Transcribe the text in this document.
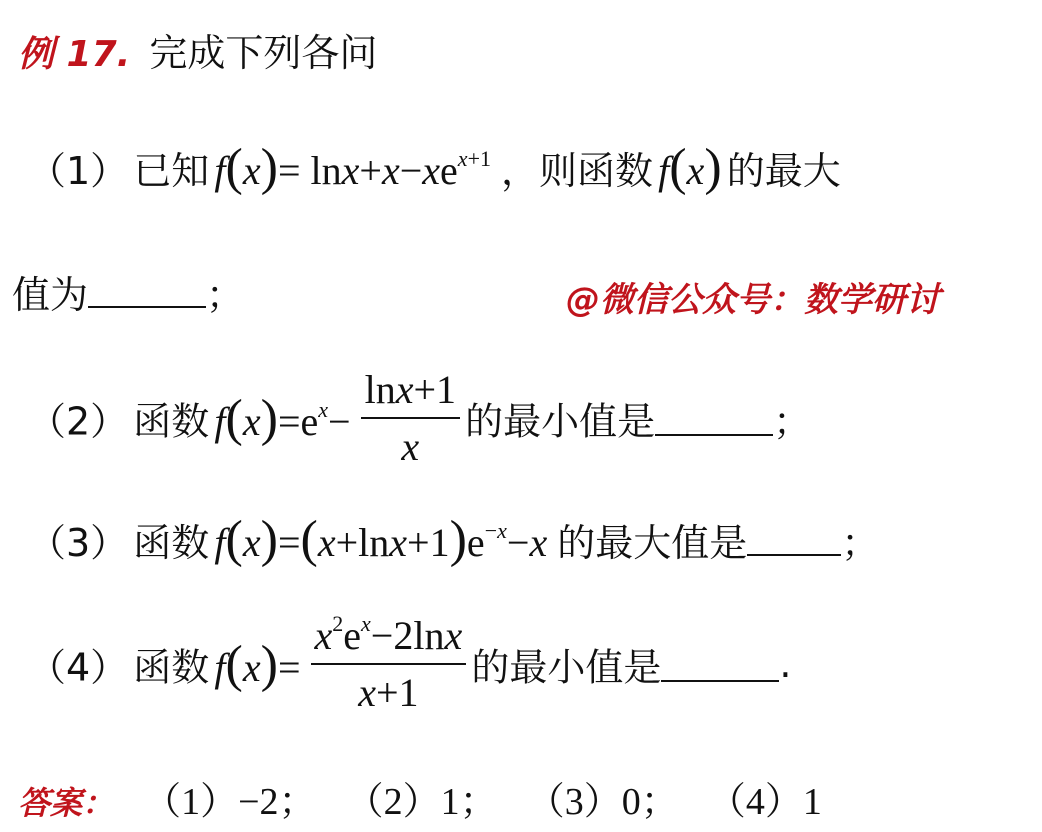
例 17. 完成下列各问
（1） 已知 $f(x)= \ln x+x-xe^{x+1}$ ，则函数 f(x) 的最大
值为	；	@微信公众号：数学研讨
（2） 函数 $f(x)=e^x- \frac{\ln x+1}{x}$ 的最小值是	；
（3） 函数 $f(x)=(x+\ln x+1)e^{-x}-x$ 的最大值是 ；
（4） 函数 $f(x)= \frac{x^2e^x-2\ln x}{x+1}$ 的最小值是	.
答案： （1）−2； （2）1； （3）0； （4）1
